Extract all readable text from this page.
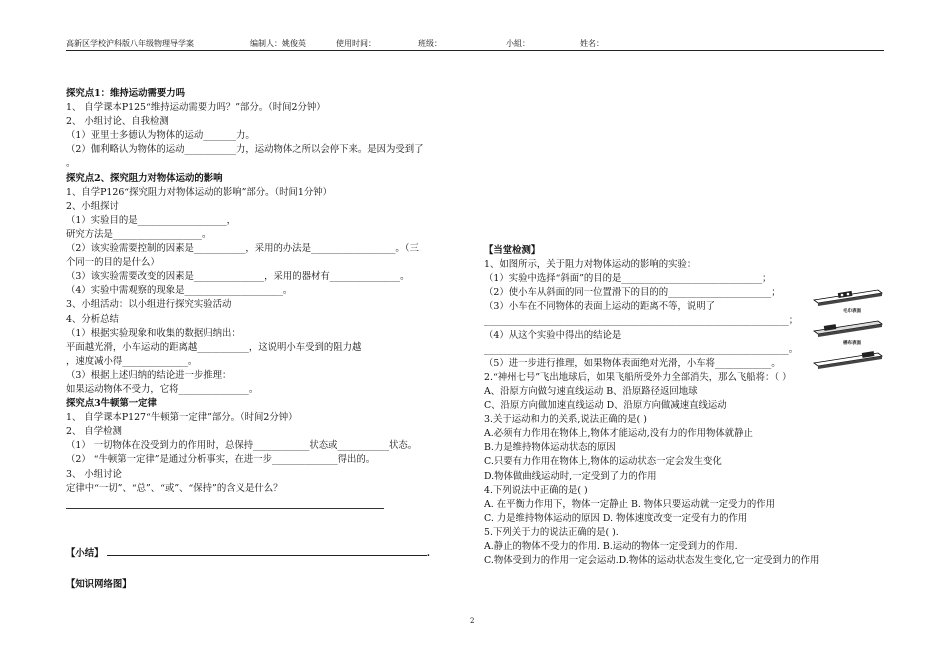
高新区学校沪科版八年级物理导学案	编制人：姚俊英	使用时间：	班级：	小組：	姓名：
探究点1：维持运动需要力吗
1、 自学课本P125“维持运动需要力吗？”部分。（时间2分钟）
2、 小组讨论、自我检测
（1）亚里士多德认为物体的运动_______力。
（2）伽利略认为物体的运动___________力，运动物体之所以会停下来。是因为受到了
。
探究点2、探究阻力对物体运动的影响
1、自学P126“探究阻力对物体运动的影响”部分。（时间1分钟）
2、小组探讨
（1）实验目的是___________________，
研究方法是___________________。
（2）该实验需要控制的因素是___________，采用的办法是__________________。（三
个同一的目的是什么）
（3）该实验需要改变的因素是_______________，采用的器材有_______________。
（4）实验中需观察的现象是_____________________。
3、小组活动：以小组进行探究实验活动
4、分析总结
（1）根据实验现象和收集的数据归纳出：
平面越光滑，小车运动的距离越___________，这说明小车受到的阻力越
，速度减小得______________。
（3）根据上述归纳的结论进一步推理：
如果运动物体不受力，它将_______________。
探究点3牛顿第一定律
1、 自学课本P127“牛顿第一定律”部分。（时间2分钟）
2、 自学检测
（1） 一切物体在没受到力的作用时，总保持____________状态或___________状态。
（2） “牛顿第一定律”是通过分析事实，在进一步______________得出的。
3、 小组讨论
定律中“一切”、“总”、“或”、“保持”的含义是什么？
【当堂检测】
1、如图所示，关于阻力对物体运动的影响的实验：
（1）实验中选择“斜面”的目的是______________________________；
（2）使小车从斜面的同一位置滑下的目的的______________________；
（3）小车在不同物体的表面上运动的距离不等，说明了
_________________________________________________________________；
（4）从这个实验中得出的结论是
_________________________________________________________________。
（5）进一步进行推理，如果物体表面绝对光滑，小车将____________。
2.“神州七号”飞出地球后，如果飞船所受外力全部消失，那么飞船将：（ ）
A、沿原方向做匀速直线运动 B、沿原路径返回地球
C、沿原方向做加速直线运动 D、沿原方向做减速直线运动
3.关于运动和力的关系,说法正确的是( )
A.必须有力作用在物体上,物体才能运动,没有力的作用物体就静止
B.力是维持物体运动状态的原因
C.只要有力作用在物体上,物体的运动状态一定会发生变化
D.物体做曲线运动时,一定受到了力的作用
4.下列说法中正确的是( )
A. 在平衡力作用下，物体一定静止 B. 物体只要运动就一定受力的作用
C. 力是维持物体运动的原因 D. 物体速度改变一定受有力的作用
5.下列关于力的说法正确的是( ).
A.静止的物体不受力的作用. B.运动的物体一定受到力的作用.
C.物体受到力的作用一定会运动.D.物体的运动状态发生变化,它一定受到力的作用
【小结】	.
【知识网络图】
毛巾表面
棉布表面
2
